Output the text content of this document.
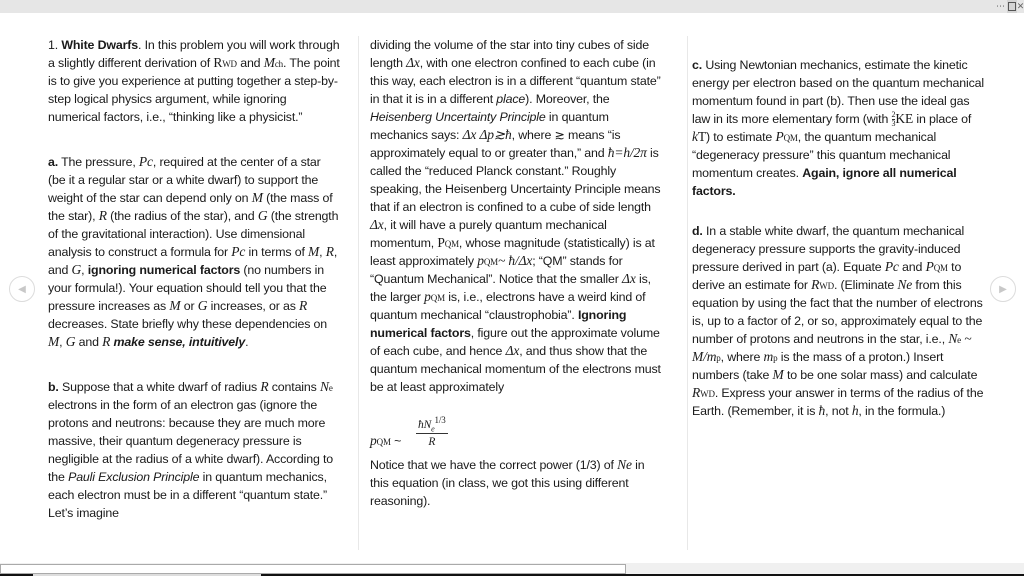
⋯ ✕

1. White Dwarfs. In this problem you will work through a slightly different derivation of RWD and Mch. The point is to give you experience at putting together a step-by-step logical physics argument, while ignoring numerical factors, i.e., “thinking like a physicist.”

a. The pressure, Pc, required at the center of a star (be it a regular star or a white dwarf) to support the weight of the star can depend only on M (the mass of the star), R (the radius of the star), and G (the strength of the gravitational interaction). Use dimensional analysis to construct a formula for Pc in terms of M, R, and G, ignoring numerical factors (no numbers in your formula!). Your equation should tell you that the pressure increases as M or G increases, or as R decreases. State briefly why these dependencies on M, G and R make sense, intuitively.

b. Suppose that a white dwarf of radius R contains Ne electrons in the form of an electron gas (ignore the protons and neutrons: because they are much more massive, their quantum degeneracy pressure is negligible at the radius of a white dwarf). According to the Pauli Exclusion Principle in quantum mechanics, each electron must be in a different “quantum state.” Let’s imagine

dividing the volume of the star into tiny cubes of side length Δx, with one electron confined to each cube (in this way, each electron is in a different “quantum state” in that it is in a different place). Moreover, the Heisenberg Uncertainty Principle in quantum mechanics says: Δx Δp≳ħ, where ≳ means “is approximately equal to or greater than,” and ħ=h/2π is called the “reduced Planck constant.” Roughly speaking, the Heisenberg Uncertainty Principle means that if an electron is confined to a cube of side length Δx, it will have a purely quantum mechanical momentum, PQM, whose magnitude (statistically) is at least approximately pQM~ ħ/Δx; “QM” stands for “Quantum Mechanical”. Notice that the smaller Δx is, the larger pQM is, i.e., electrons have a weird kind of quantum mechanical “claustrophobia”. Ignoring numerical factors, figure out the approximate volume of each cube, and hence Δx, and thus show that the quantum mechanical momentum of the electrons must be at least approximately

pQM ~
$ħN_e^{1/3}$
R

Notice that we have the correct power (1/3) of Ne in this equation (in class, we got this using different reasoning).

c. Using Newtonian mechanics, estimate the kinetic energy per electron based on the quantum mechanical momentum found in part (b). Then use the ideal gas law in its more elementary form (with $\frac{2}{3}$ KE in place of kT) to estimate PQM, the quantum mechanical “degeneracy pressure” this quantum mechanical momentum creates. Again, ignore all numerical factors.

d. In a stable white dwarf, the quantum mechanical degeneracy pressure supports the gravity-induced pressure derived in part (a). Equate Pc and PQM to derive an estimate for RWD. (Eliminate Ne from this equation by using the fact that the number of electrons is, up to a factor of 2, or so, approximately equal to the number of protons and neutrons in the star, i.e., Ne ~ M/mp, where mp is the mass of a proton.) Insert numbers (take M to be one solar mass) and calculate RWD. Express your answer in terms of the radius of the Earth. (Remember, it is ħ, not h, in the formula.)

◀	▶
